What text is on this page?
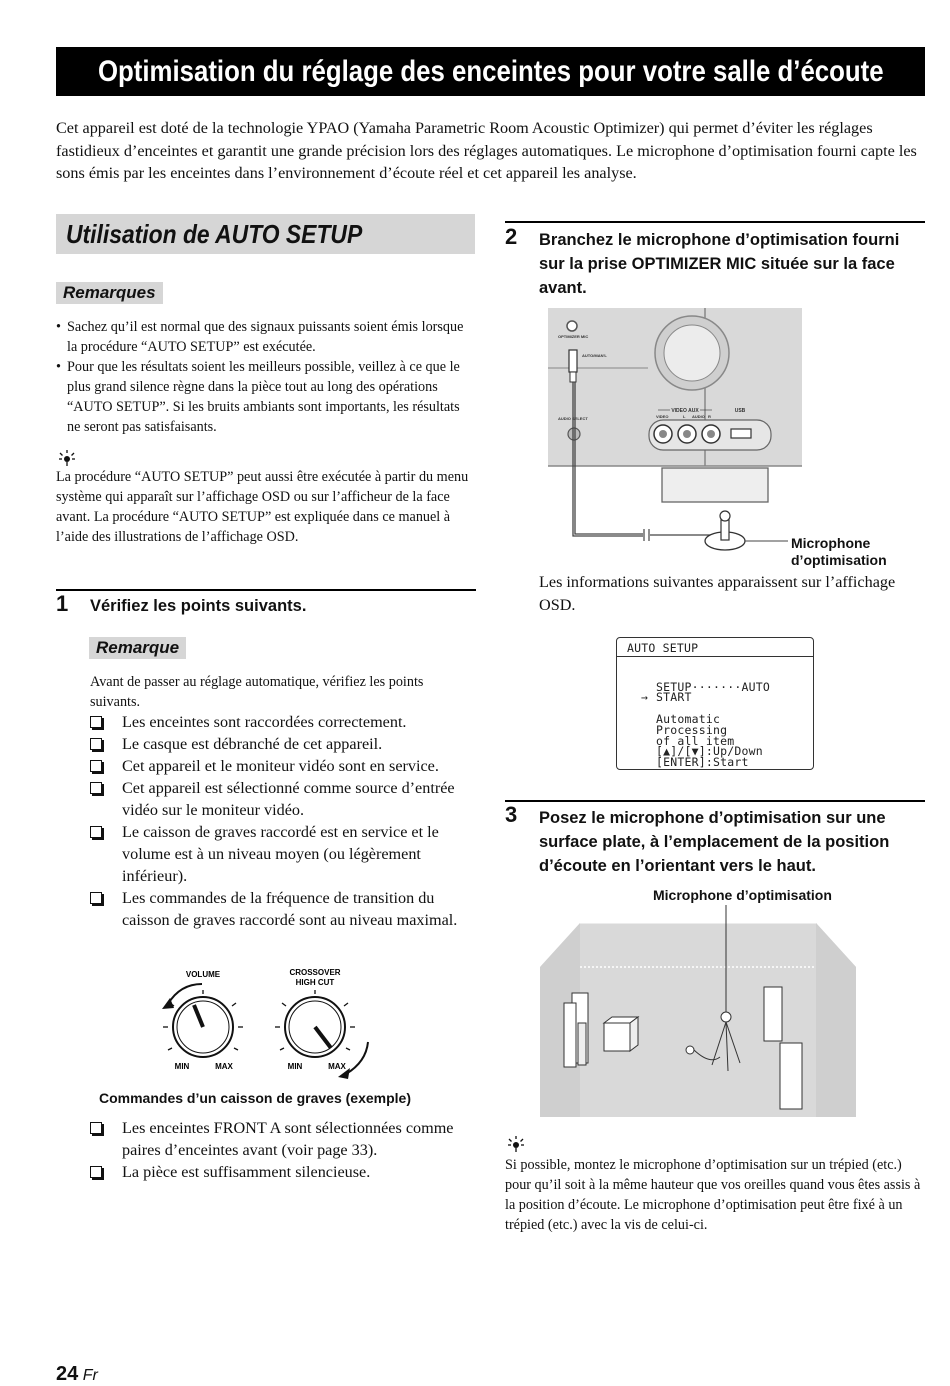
Optimisation du réglage des enceintes pour votre salle d’écoute
Cet appareil est doté de la technologie YPAO (Yamaha Parametric Room Acoustic Optimizer) qui permet d’éviter les réglages fastidieux d’enceintes et garantit une grande précision lors des réglages automatiques. Le microphone d’optimisation fourni capte les sons émis par les enceintes dans l’environnement d’écoute réel et cet appareil les analyse.
Utilisation de AUTO SETUP
Remarques
• Sachez qu’il est normal que des signaux puissants soient émis lorsque la procédure “AUTO SETUP” est exécutée.
• Pour que les résultats soient les meilleurs possible, veillez à ce que le plus grand silence règne dans la pièce tout au long des opérations “AUTO SETUP”. Si les bruits ambiants sont importants, les résultats ne seront pas satisfaisants.
La procédure “AUTO SETUP” peut aussi être exécutée à partir du menu système qui apparaît sur l’affichage OSD ou sur l’afficheur de la face avant. La procédure “AUTO SETUP” est expliquée dans ce manuel à l’aide des illustrations de l’affichage OSD.
1 Vérifiez les points suivants.
Remarque
Avant de passer au réglage automatique, vérifiez les points suivants.
Les enceintes sont raccordées correctement.
Le casque est débranché de cet appareil.
Cet appareil et le moniteur vidéo sont en service.
Cet appareil est sélectionné comme source d’entrée vidéo sur le moniteur vidéo.
Le caisson de graves raccordé est en service et le volume est à un niveau moyen (ou légèrement inférieur).
Les commandes de la fréquence de transition du caisson de graves raccordé sont au niveau maximal.
VOLUME	CROSSOVER
HIGH CUT
MIN	MAX	MIN	MAX
Commandes d’un caisson de graves (exemple)
Les enceintes FRONT A sont sélectionnées comme paires d’enceintes avant (voir page 33).
La pièce est suffisamment silencieuse.
2 Branchez le microphone d’optimisation fourni sur la prise OPTIMIZER MIC située sur la face avant.
OPTIMIZER MIC
AUTO/MAN'L
AUDIO SELECT
VIDEO AUX
VIDEO	L AUDIO R
USB
Microphone
d’optimisation
Les informations suivantes apparaissent sur l’affichage OSD.
AUTO SETUP
SETUP·······AUTO
→ START
Automatic
Processing
of all item
[▲]/[▼]:Up/Down
[ENTER]:Start
3 Posez le microphone d’optimisation sur une surface plate, à l’emplacement de la position d’écoute en l’orientant vers le haut.
Microphone d’optimisation
Si possible, montez le microphone d’optimisation sur un trépied (etc.) pour qu’il soit à la même hauteur que vos oreilles quand vous êtes assis à la position d’écoute. Le microphone d’optimisation peut être fixé à un trépied (etc.) avec la vis de celui-ci.
24 Fr
